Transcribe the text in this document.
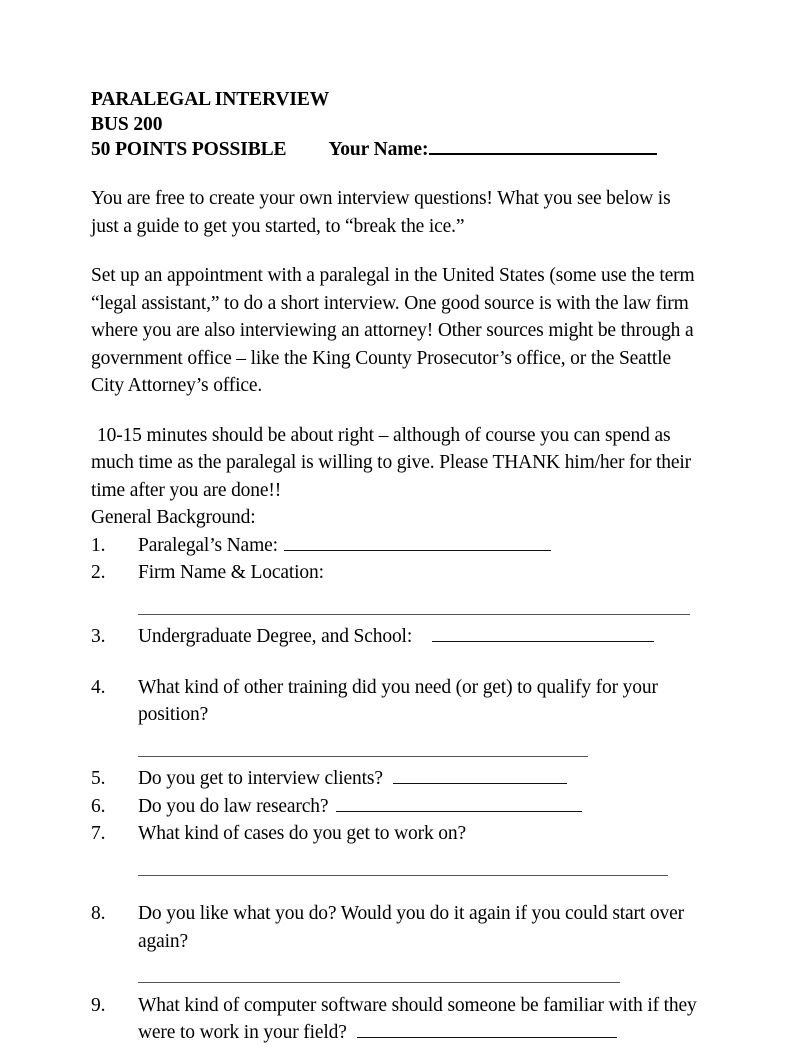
PARALEGAL INTERVIEW
BUS 200
50 POINTS POSSIBLE Your Name:
You are free to create your own interview questions! What you see below is just a guide to get you started, to “break the ice.”
Set up an appointment with a paralegal in the United States (some use the term “legal assistant,” to do a short interview. One good source is with the law firm where you are also interviewing an attorney! Other sources might be through a government office – like the King County Prosecutor’s office, or the Seattle City Attorney’s office.
10-15 minutes should be about right – although of course you can spend as much time as the paralegal is willing to give. Please THANK him/her for their time after you are done!!
General Background:
1.	Paralegal’s Name:
2.	Firm Name & Location:
3.	Undergraduate Degree, and School:
4.	What kind of other training did you need (or get) to qualify for your position?
5.	Do you get to interview clients?
6.	Do you do law research?
7.	What kind of cases do you get to work on?
8.	Do you like what you do? Would you do it again if you could start over again?
9.	What kind of computer software should someone be familiar with if they were to work in your field?
